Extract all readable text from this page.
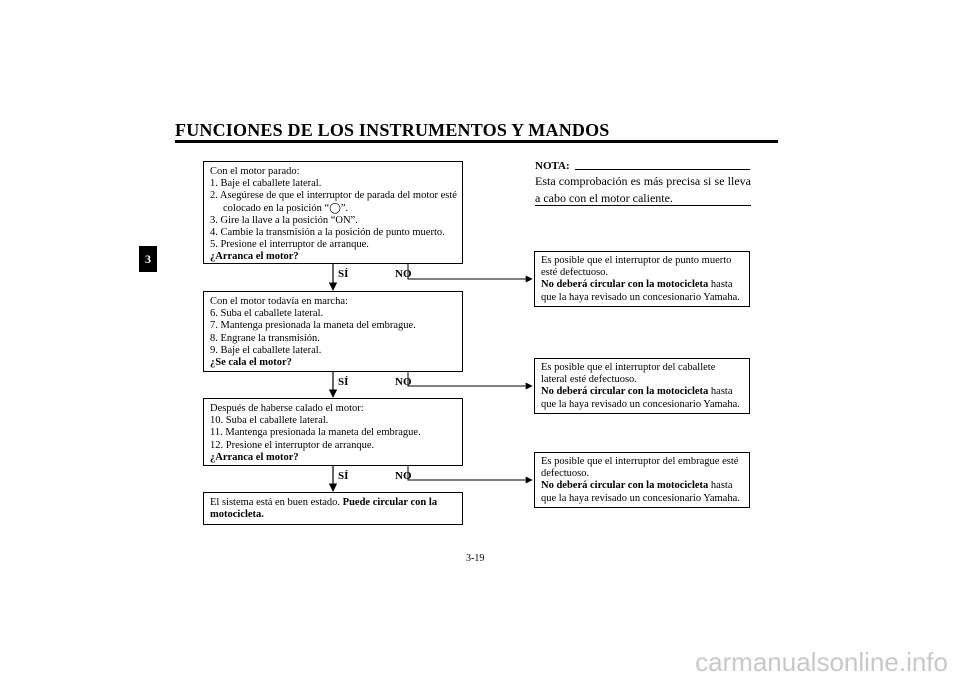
FUNCIONES DE LOS INSTRUMENTOS Y MANDOS
3
Con el motor parado:
1. Baje el caballete lateral.
2. Asegúrese de que el interruptor de parada del motor esté
colocado en la posición “◯”.
3. Gire la llave a la posición “ON”.
4. Cambie la transmisión a la posición de punto muerto.
5. Presione el interruptor de arranque.
¿Arranca el motor?
Con el motor todavía en marcha:
6. Suba el caballete lateral.
7. Mantenga presionada la maneta del embrague.
8. Engrane la transmisión.
9. Baje el caballete lateral.
¿Se cala el motor?
Después de haberse calado el motor:
10. Suba el caballete lateral.
11. Mantenga presionada la maneta del embrague.
12. Presione el interruptor de arranque.
¿Arranca el motor?
El sistema está en buen estado. Puede circular con la motocicleta.
SÍ	NO
SÍ	NO
SÍ	NO
Es posible que el interruptor de punto muerto esté defectuoso.
No deberá circular con la motocicleta hasta que la haya revisado un concesionario Yamaha.
Es posible que el interruptor del caballete lateral esté defectuoso.
No deberá circular con la motocicleta hasta que la haya revisado un concesionario Yamaha.
Es posible que el interruptor del embrague esté defectuoso.
No deberá circular con la motocicleta hasta que la haya revisado un concesionario Yamaha.
NOTA:
Esta comprobación es más precisa si se lleva a cabo con el motor caliente.
3-19
carmanualsonline.info
